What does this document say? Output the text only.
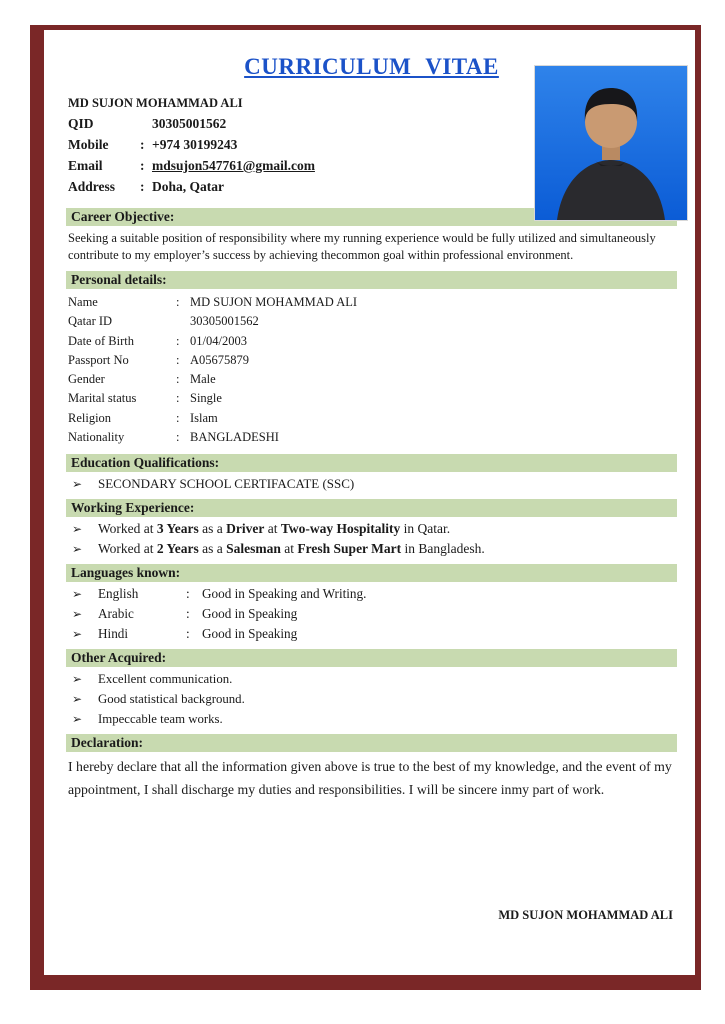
CURRICULUM VITAE
MD SUJON MOHAMMAD ALI
QID	30305001562
Mobile	: +974 30199243
Email	: mdsujon547761@gmail.com
Address	: Doha, Qatar
Career Objective:
Seeking a suitable position of responsibility where my running experience would be fully utilized and simultaneously contribute to my employer’s success by achieving thecommon goal within professional environment.
Personal details:
Name	: MD SUJON MOHAMMAD ALI
Qatar ID	30305001562
Date of Birth	: 01/04/2003
Passport No	: A05675879
Gender	: Male
Marital status	: Single
Religion	: Islam
Nationality	: BANGLADESHI
Education Qualifications:
➢	SECONDARY SCHOOL CERTIFACATE (SSC)
Working Experience:
➢	Worked at 3 Years as a Driver at Two-way Hospitality in Qatar.
➢	Worked at 2 Years as a Salesman at Fresh Super Mart in Bangladesh.
Languages known:
➢	English	: Good in Speaking and Writing.
➢	Arabic	: Good in Speaking
➢	Hindi	: Good in Speaking
Other Acquired:
➢	Excellent communication.
➢	Good statistical background.
➢	Impeccable team works.
Declaration:
I hereby declare that all the information given above is true to the best of my knowledge, and the event of my appointment, I shall discharge my duties and responsibilities. I will be sincere inmy part of work.
MD SUJON MOHAMMAD ALI
